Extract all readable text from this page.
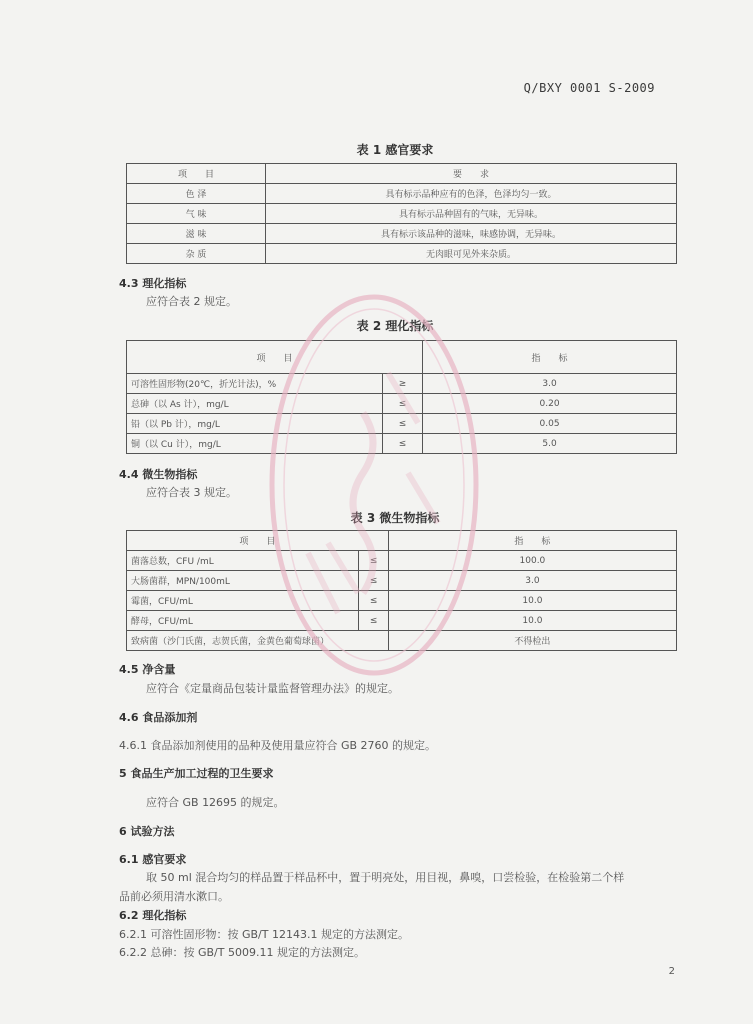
Q/BXY 0001 S-2009
表 1 感官要求
项　　目	要　　求
色 泽	具有标示品种应有的色泽，色泽均匀一致。
气 味	具有标示品种固有的气味，无异味。
滋 味	具有标示该品种的滋味，味感协调，无异味。
杂 质	无肉眼可见外来杂质。
4.3 理化指标
应符合表 2 规定。
表 2 理化指标
项　　目		指　　标
可溶性固形物(20℃，折光计法)，%	≥	3.0
总砷（以 As 计），mg/L	≤	0.20
铅（以 Pb 计），mg/L	≤	0.05
铜（以 Cu 计），mg/L	≤	5.0
4.4 微生物指标
应符合表 3 规定。
表 3 微生物指标
项　　目		指　　标
菌落总数，CFU /mL	≤	100.0
大肠菌群，MPN/100mL	≤	3.0
霉菌，CFU/mL	≤	10.0
酵母，CFU/mL	≤	10.0
致病菌（沙门氏菌，志贺氏菌，金黄色葡萄球菌）		不得检出
4.5 净含量
应符合《定量商品包装计量监督管理办法》的规定。
4.6 食品添加剂
4.6.1 食品添加剂使用的品种及使用量应符合 GB 2760 的规定。
5 食品生产加工过程的卫生要求
应符合 GB 12695 的规定。
6 试验方法
6.1 感官要求
取 50 ml 混合均匀的样品置于样品杯中，置于明亮处，用目视，鼻嗅，口尝检验，在检验第二个样
品前必须用清水漱口。
6.2 理化指标
6.2.1 可溶性固形物：按 GB/T 12143.1 规定的方法测定。
6.2.2 总砷：按 GB/T 5009.11 规定的方法测定。
2
